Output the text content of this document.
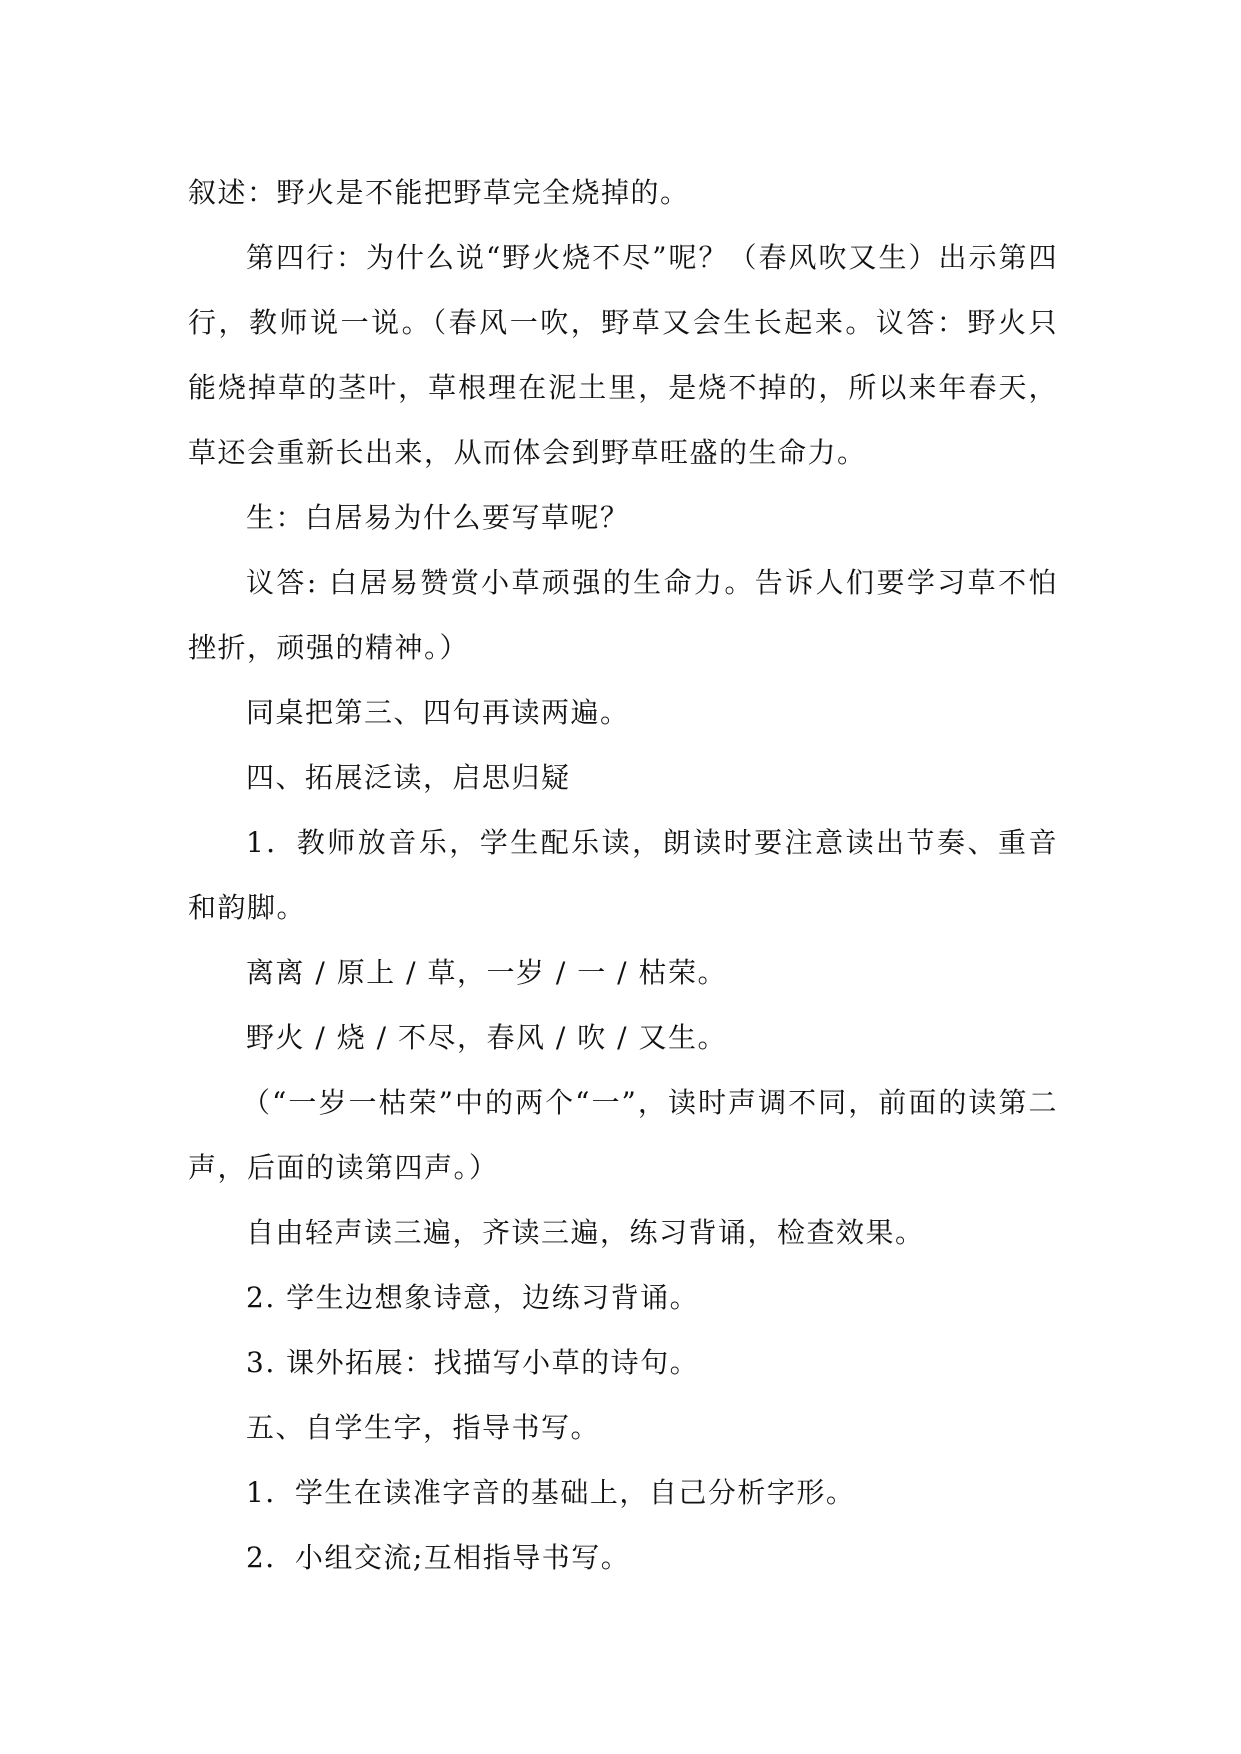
叙述：野火是不能把野草完全烧掉的。

第四行：为什么说“野火烧不尽”呢？（春风吹又生）出示第四行，教师说一说。（春风一吹，野草又会生长起来。议答：野火只能烧掉草的茎叶，草根理在泥土里，是烧不掉的，所以来年春天，草还会重新长出来，从而体会到野草旺盛的生命力。

生：白居易为什么要写草呢？

议答: 白居易赞赏小草顽强的生命力。告诉人们要学习草不怕挫折，顽强的精神。）

同桌把第三、四句再读两遍。

四、拓展泛读，启思归疑

1．教师放音乐，学生配乐读，朗读时要注意读出节奏、重音和韵脚。

离离 / 原上 / 草，一岁 / 一 / 枯荣。

野火 / 烧 / 不尽，春风 / 吹 / 又生。

（“一岁一枯荣”中的两个“一”，读时声调不同，前面的读第二声，后面的读第四声。）

自由轻声读三遍，齐读三遍，练习背诵，检查效果。

2. 学生边想象诗意，边练习背诵。

3. 课外拓展：找描写小草的诗句。

五、自学生字，指导书写。

1．学生在读准字音的基础上，自己分析字形。

2．小组交流;互相指导书写。
